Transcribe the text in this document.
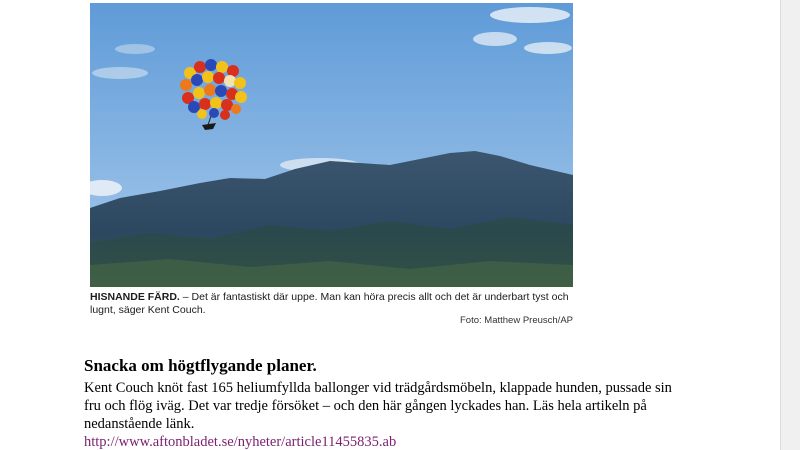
HISNANDE FÄRD. – Det är fantastiskt där uppe. Man kan höra precis allt och det är underbart tyst och lugnt, säger Kent Couch.
Foto: Matthew Preusch/AP
Snacka om högtflygande planer.

Kent Couch knöt fast 165 heliumfyllda ballonger vid trädgårdsmöbeln, klappade hunden, pussade sin fru och flög iväg. Det var tredje försöket – och den här gången lyckades han. Läs hela artikeln på nedanstående länk.

http://www.aftonbladet.se/nyheter/article11455835.ab
